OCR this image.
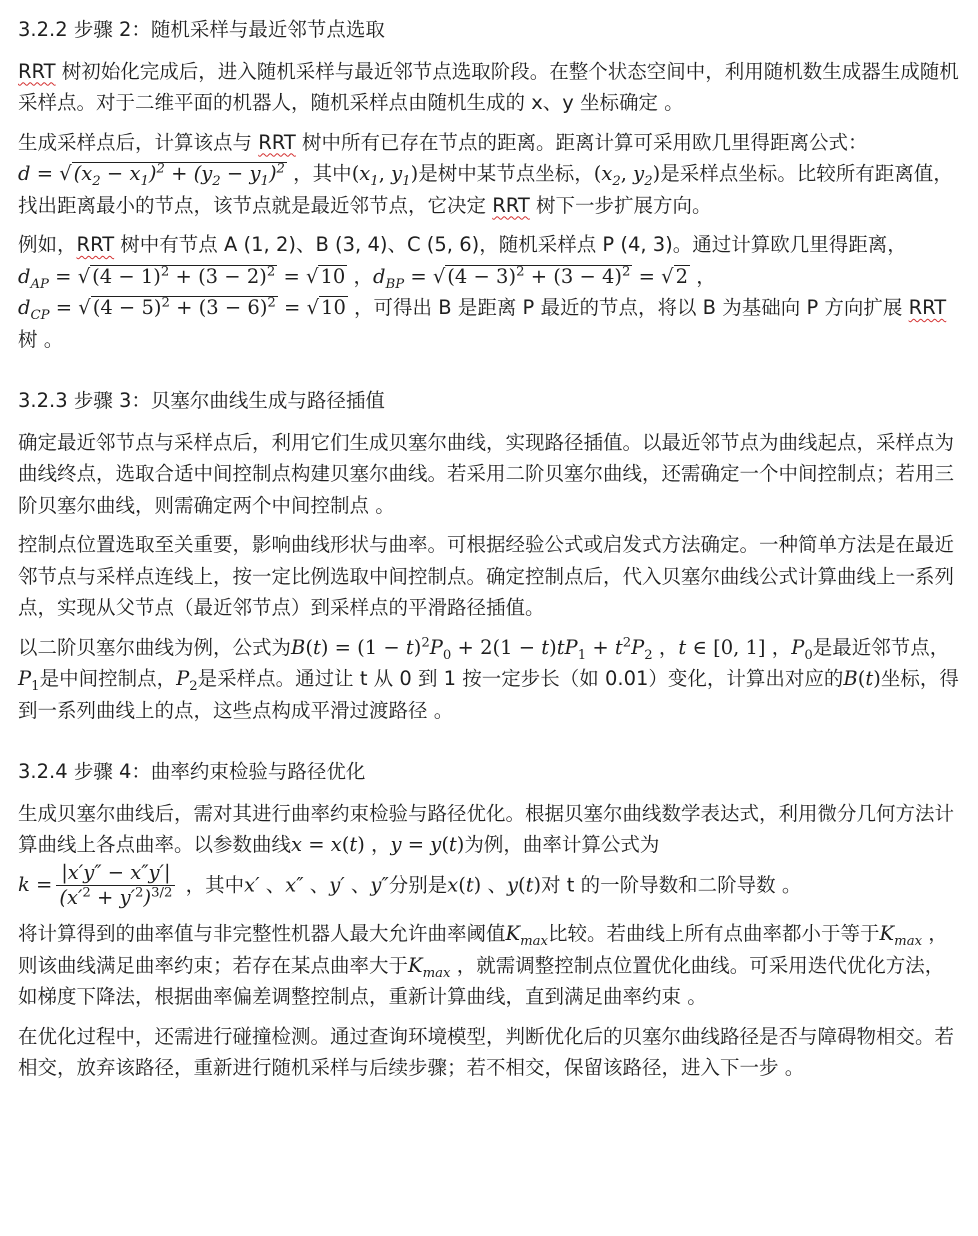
3.2.2 步骤 2：随机采样与最近邻节点选取
RRT 树初始化完成后，进入随机采样与最近邻节点选取阶段。在整个状态空间中，利用随机数生成器生成随机采样点。对于二维平面的机器人，随机采样点由随机生成的 x、y 坐标确定 。
生成采样点后，计算该点与 RRT 树中所有已存在节点的距离。距离计算可采用欧几里得距离公式：
d = √ $(x_2 - x_1)^2 + (y_2 - y_1)^2$ ，其中($x_1$, $y_1$)是树中某节点坐标，($x_2$, $y_2$)是采样点坐标。比较所有距离值，找出距离最小的节点，该节点就是最近邻节点，它决定 RRT 树下一步扩展方向。
例如，RRT 树中有节点 A (1, 2)、B (3, 4)、C (5, 6)，随机采样点 P (4, 3)。通过计算欧几里得距离，$d_{AP}$ = √ $(4 - 1)^2 + (3 - 2)^2$ = √ 10 ，$d_{BP}$ = √ $(4 - 3)^2 + (3 - 4)^2$ = √ 2 ，
$d_{CP}$ = √ $(4 - 5)^2 + (3 - 6)^2$ = √ 10 ，可得出 B 是距离 P 最近的节点，将以 B 为基础向 P 方向扩展 RRT 树 。
3.2.3 步骤 3：贝塞尔曲线生成与路径插值
确定最近邻节点与采样点后，利用它们生成贝塞尔曲线，实现路径插值。以最近邻节点为曲线起点，采样点为曲线终点，选取合适中间控制点构建贝塞尔曲线。若采用二阶贝塞尔曲线，还需确定一个中间控制点；若用三阶贝塞尔曲线，则需确定两个中间控制点 。
控制点位置选取至关重要，影响曲线形状与曲率。可根据经验公式或启发式方法确定。一种简单方法是在最近邻节点与采样点连线上，按一定比例选取中间控制点。确定控制点后，代入贝塞尔曲线公式计算曲线上一系列点，实现从父节点（最近邻节点）到采样点的平滑路径插值。
以二阶贝塞尔曲线为例，公式为$B(t) = (1 - t)^2P_0 + 2(1 - t)tP_1 + t^2P_2$ ，t ∈ [0, 1] ，$P_0$是最近邻节点，$P_1$是中间控制点，$P_2$是采样点。通过让 t 从 0 到 1 按一定步长（如 0.01）变化，计算出对应的B(t)坐标，得到一系列曲线上的点，这些点构成平滑过渡路径 。
3.2.4 步骤 4：曲率约束检验与路径优化
生成贝塞尔曲线后，需对其进行曲率约束检验与路径优化。根据贝塞尔曲线数学表达式，利用微分几何方法计算曲线上各点曲率。以参数曲线x = x(t) ，y = y(t)为例，曲率计算公式为
$k = \frac{|x'y'' - x''y'|}{(x'^2 + y'^2)^{3/2}}$ ，其中x′ 、x″ 、y′ 、y″分别是x(t) 、y(t)对 t 的一阶导数和二阶导数 。
将计算得到的曲率值与非完整性机器人最大允许曲率阈值$K_{max}$比较。若曲线上所有点曲率都小于等于$K_{max}$ ，则该曲线满足曲率约束；若存在某点曲率大于$K_{max}$ ，就需调整控制点位置优化曲线。可采用迭代优化方法，如梯度下降法，根据曲率偏差调整控制点，重新计算曲线，直到满足曲率约束 。
在优化过程中，还需进行碰撞检测。通过查询环境模型，判断优化后的贝塞尔曲线路径是否与障碍物相交。若相交，放弃该路径，重新进行随机采样与后续步骤；若不相交，保留该路径，进入下一步 。
